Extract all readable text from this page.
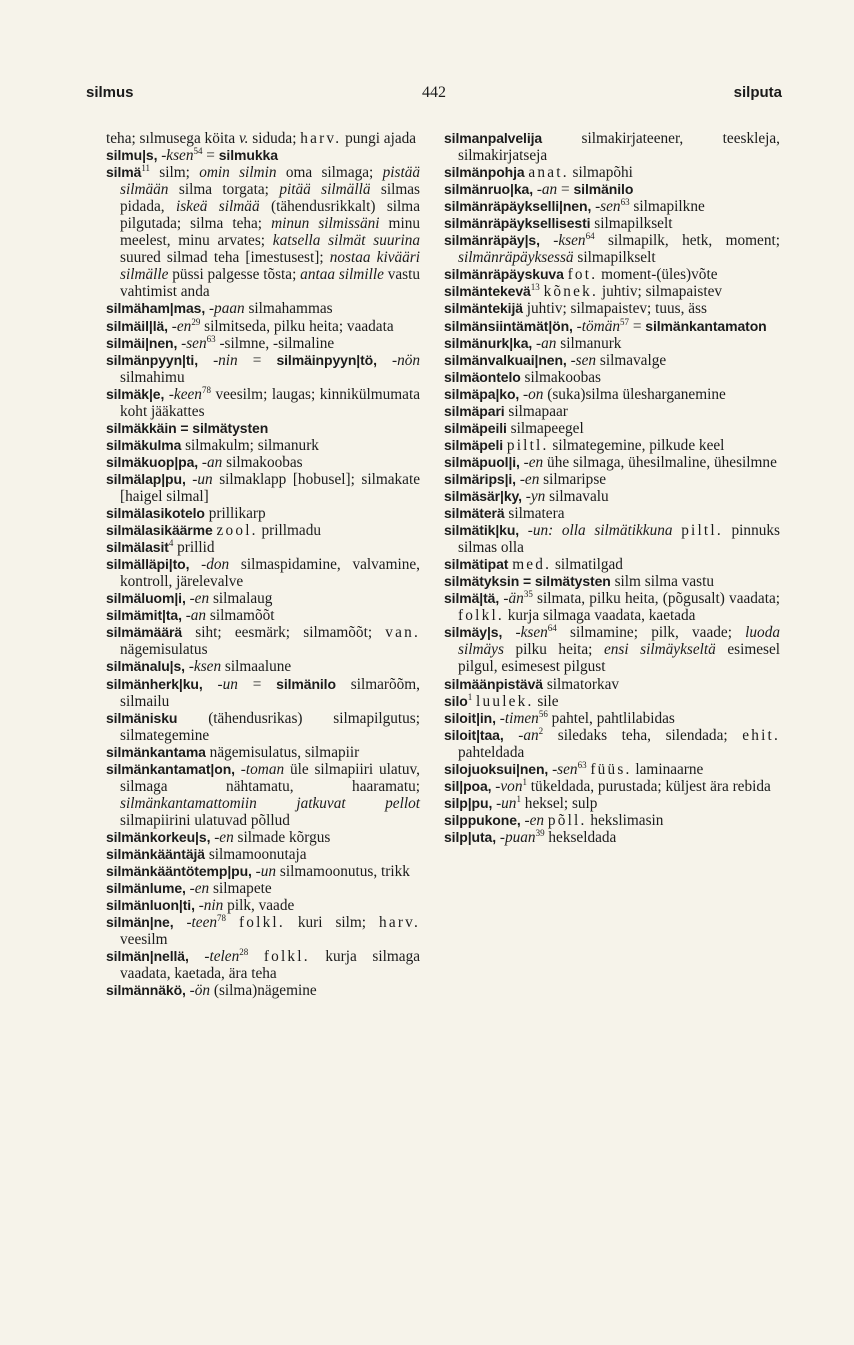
silmus	442	silputa

teha; sılmusega köita v. siduda; harv. pungi ajada

silmu|s, -ksen$^{54}$ = silmukka

silmä$^{11}$ silm; omin silmin oma silmaga; pistää silmään silma torgata; pitää silmällä silmas pidada, iskeä silmää (tähendusrikkalt) silma pilgutada; silma teha; minun silmissäni minu meelest, minu arvates; katsella silmät suurina suured silmad teha [imestusest]; nostaa kivääri silmälle püssi palgesse tõsta; antaa silmille vastu vahtimist anda

silmäham|mas, -paan silmahammas

silmäil|lä, $-en^{29}$ silmitseda, pilku heita; vaadata

silmäi|nen, -sen$^{63}$ -silmne, -silmaline

silmänpyyn|ti, -nin = silmäinpyyn|tö, -nön silmahimu

silmäk|e, -keen$^{78}$ veesilm; laugas; kinnikülmumata koht jääkattes

silmäkkäin = silmätysten

silmäkulma silmakulm; silmanurk

silmäkuop|pa, -an silmakoobas

silmälap|pu, -un silmaklapp [hobusel]; silmakate [haigel silmal]

silmälasikotelo prillikarp

silmälasikäärme zool. prillmadu

silmälasit$^4$ prillid

silmälläpi|to, -don silmaspidamine, valvamine, kontroll, järelevalve

silmäluom|i, -en silmalaug

silmämit|ta, -an silmamõõt

silmämäärä siht; eesmärk; silmamõõt; van. nägemisulatus

silmänalu|s, -ksen silmaalune

silmänherk|ku, -un = silmänilo silmarõõm, silmailu

silmänisku (tähendusrikas) silmapilgutus; silmategemine

silmänkantama nägemisulatus, silmapiir

silmänkantamat|on, -toman üle silmapiiri ulatuv, silmaga nähtamatu, haaramatu; silmänkantamattomiin jatkuvat pellot silmapiirini ulatuvad põllud

silmänkorkeu|s, -en silmade kõrgus

silmänkääntäjä silmamoonutaja

silmänkääntötemp|pu, -un silmamoonutus, trikk

silmänlume, -en silmapete

silmänluon|ti, -nin pilk, vaade

silmän|ne, -teen$^{78}$ folkl. kuri silm; harv. veesilm

silmän|nellä, -telen$^{28}$ folkl. kurja silmaga vaadata, kaetada, ära teha

silmännäkö, -ön (silma)nägemine

silmanpalvelija silmakirjateener, teeskleja, silmakirjatseja

silmänpohja anat. silmapõhi

silmänruo|ka, -an = silmänilo

silmänräpäykselli|nen, -sen$^{63}$ silmapilkne

silmänräpäyksellisesti silmapilkselt

silmänräpäy|s, -ksen$^{64}$ silmapilk, hetk, moment; silmänräpäyksessä silmapilkselt

silmänräpäyskuva fot. moment-(üles)võte

silmäntekevä$^{13}$ kõnek. juhtiv; silmapaistev

silmäntekijä juhtiv; silmapaistev; tuus, äss

silmänsiintämät|ön, -tömän$^{57}$ = silmänkantamaton

silmänurk|ka, -an silmanurk

silmänvalkuai|nen, -sen silmavalge

silmäontelo silmakoobas

silmäpa|ko, -on (suka)silma ülesharganemine

silmäpari silmapaar

silmäpeili silmapeegel

silmäpeli piltl. silmategemine, pilkude keel

silmäpuol|i, -en ühe silmaga, ühesilmaline, ühesilmne

silmärips|i, -en silmaripse

silmäsär|ky, -yn silmavalu

silmäterä silmatera

silmätik|ku, -un: olla silmätikkuna piltl. pinnuks silmas olla

silmätipat med. silmatilgad

silmätyksin = silmätysten silm silma vastu

silmä|tä, $-än^{35}$ silmata, pilku heita, (põgusalt) vaadata; folkl. kurja silmaga vaadata, kaetada

silmäy|s, -ksen$^{64}$ silmamine; pilk, vaade; luoda silmäys pilku heita; ensi silmäykseltä esimesel pilgul, esimesest pilgust

silmäänpistävä silmatorkav

silo$^1$ luulek. sile

siloit|in, -timen$^{56}$ pahtel, pahtlilabidas

siloit|taa, $-an^2$ siledaks teha, silendada; ehit. pahteldada

silojuoksui|nen, -sen$^{63}$ füüs. laminaarne

sil|poa, -von$^1$ tükeldada, purustada; küljest ära rebida

silp|pu, $-un^1$ heksel; sulp

silppukone, -en põll. hekslimasin

silp|uta, -puan$^{39}$ hekseldada
